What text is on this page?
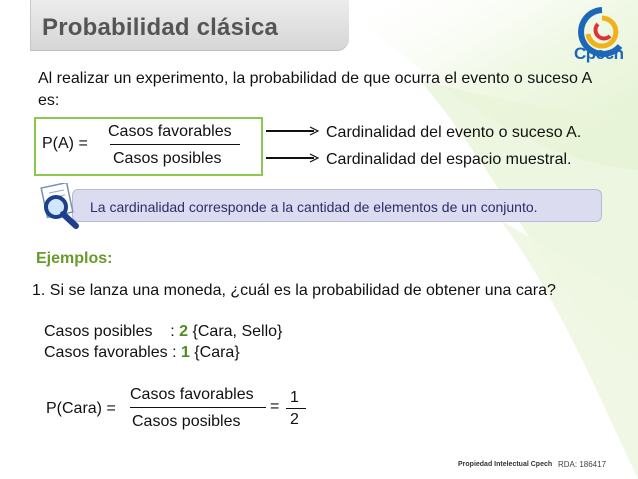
Probabilidad clásica
Cpech
Al realizar un experimento, la probabilidad de que ocurra el evento o suceso A es:
P(A) =
Casos favorables
Casos posibles
Cardinalidad del evento o suceso A.
Cardinalidad del espacio muestral.
La cardinalidad corresponde a la cantidad de elementos de un conjunto.
Ejemplos:
1. Si se lanza una moneda, ¿cuál es la probabilidad de obtener una cara?
Casos posibles    : 2 {Cara, Sello}
Casos favorables : 1 {Cara}
P(Cara) =
Casos favorables
Casos posibles
=
1
2
Propiedad Intelectual Cpech RDA: 186417
